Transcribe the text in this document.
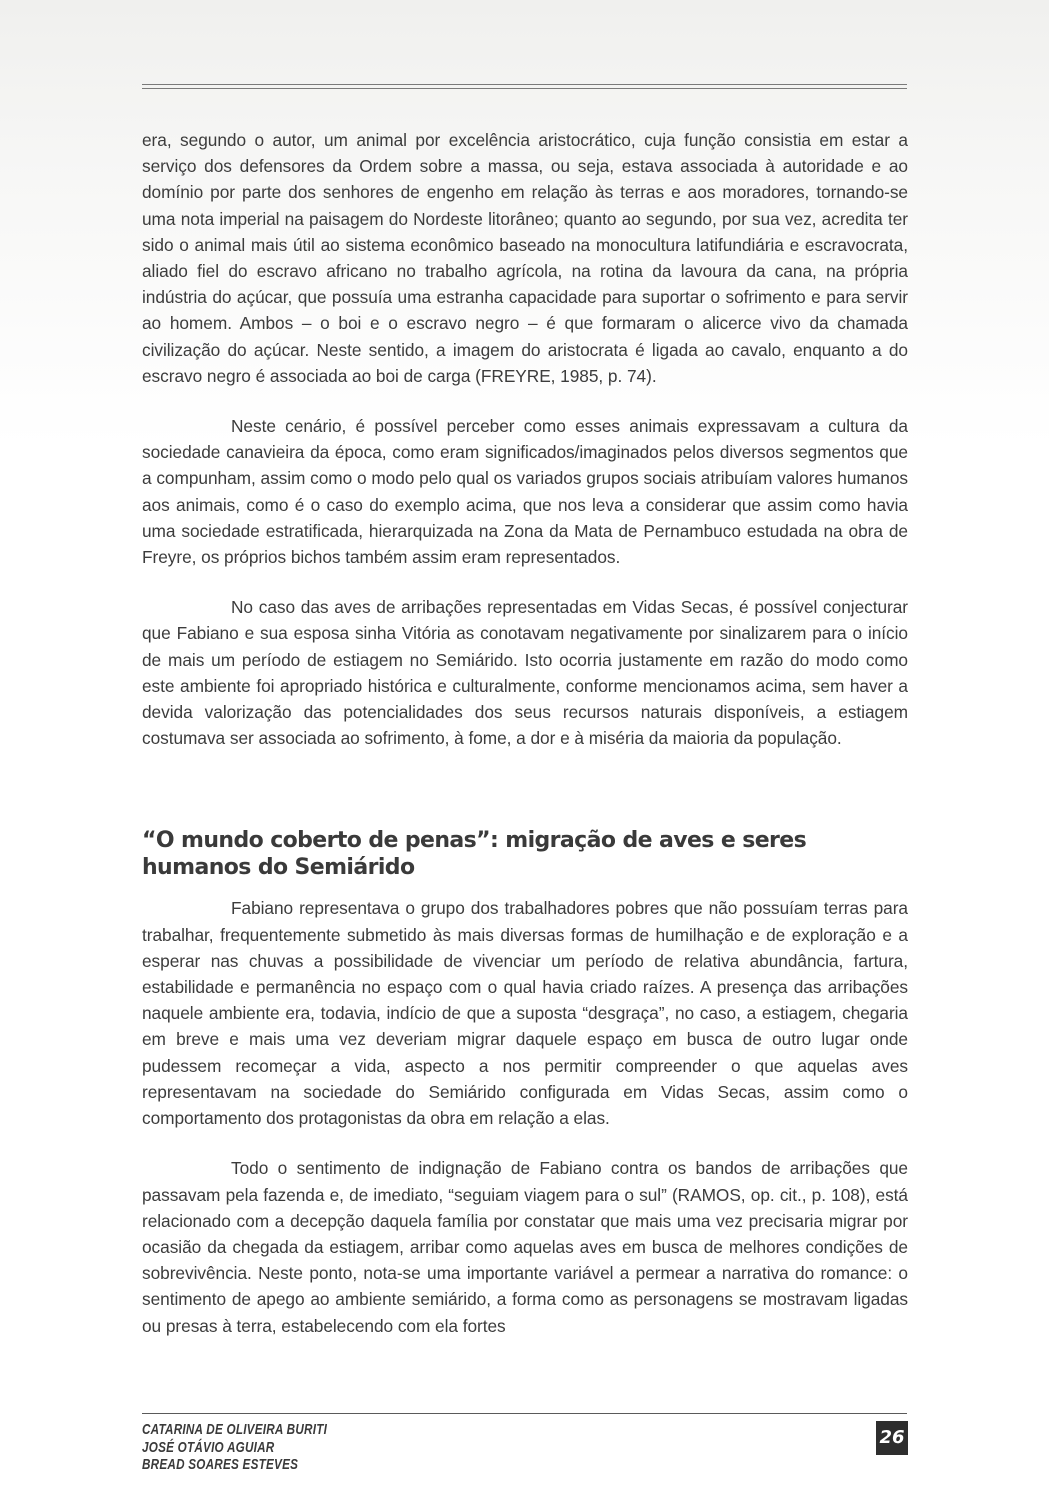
era, segundo o autor, um animal por excelência aristocrático, cuja função consistia em estar a serviço dos defensores da Ordem sobre a massa, ou seja, estava associada à autoridade e ao domínio por parte dos senhores de engenho em relação às terras e aos moradores, tornando-se uma nota imperial na paisagem do Nordeste litorâneo; quanto ao segundo, por sua vez, acredita ter sido o animal mais útil ao sistema econômico baseado na monocultura latifundiária e escravocrata, aliado fiel do escravo africano no trabalho agrícola, na rotina da lavoura da cana, na própria indústria do açúcar, que possuía uma estranha capacidade para suportar o sofrimento e para servir ao homem. Ambos – o boi e o escravo negro – é que formaram o alicerce vivo da chamada civilização do açúcar. Neste sentido, a imagem do aristocrata é ligada ao cavalo, enquanto a do escravo negro é associada ao boi de carga (FREYRE, 1985, p. 74).

Neste cenário, é possível perceber como esses animais expressavam a cultura da sociedade canavieira da época, como eram significados/imaginados pelos diversos segmentos que a compunham, assim como o modo pelo qual os variados grupos sociais atribuíam valores humanos aos animais, como é o caso do exemplo acima, que nos leva a considerar que assim como havia uma sociedade estratificada, hierarquizada na Zona da Mata de Pernambuco estudada na obra de Freyre, os próprios bichos também assim eram representados.

No caso das aves de arribações representadas em Vidas Secas, é possível conjecturar que Fabiano e sua esposa sinha Vitória as conotavam negativamente por sinalizarem para o início de mais um período de estiagem no Semiárido. Isto ocorria justamente em razão do modo como este ambiente foi apropriado histórica e culturalmente, conforme mencionamos acima, sem haver a devida valorização das potencialidades dos seus recursos naturais disponíveis, a estiagem costumava ser associada ao sofrimento, à fome, a dor e à miséria da maioria da população.

“O mundo coberto de penas”: migração de aves e seres humanos do Semiárido

Fabiano representava o grupo dos trabalhadores pobres que não possuíam terras para trabalhar, frequentemente submetido às mais diversas formas de humilhação e de exploração e a esperar nas chuvas a possibilidade de vivenciar um período de relativa abundância, fartura, estabilidade e permanência no espaço com o qual havia criado raízes. A presença das arribações naquele ambiente era, todavia, indício de que a suposta “desgraça”, no caso, a estiagem, chegaria em breve e mais uma vez deveriam migrar daquele espaço em busca de outro lugar onde pudessem recomeçar a vida, aspecto a nos permitir compreender o que aquelas aves representavam na sociedade do Semiárido configurada em Vidas Secas, assim como o comportamento dos protagonistas da obra em relação a elas.

Todo o sentimento de indignação de Fabiano contra os bandos de arribações que passavam pela fazenda e, de imediato, “seguiam viagem para o sul” (RAMOS, op. cit., p. 108), está relacionado com a decepção daquela família por constatar que mais uma vez precisaria migrar por ocasião da chegada da estiagem, arribar como aquelas aves em busca de melhores condições de sobrevivência. Neste ponto, nota-se uma importante variável a permear a narrativa do romance: o sentimento de apego ao ambiente semiárido, a forma como as personagens se mostravam ligadas ou presas à terra, estabelecendo com ela fortes

CATARINA DE OLIVEIRA BURITI
JOSÉ OTÁVIO AGUIAR
BREAD SOARES ESTEVES
26
